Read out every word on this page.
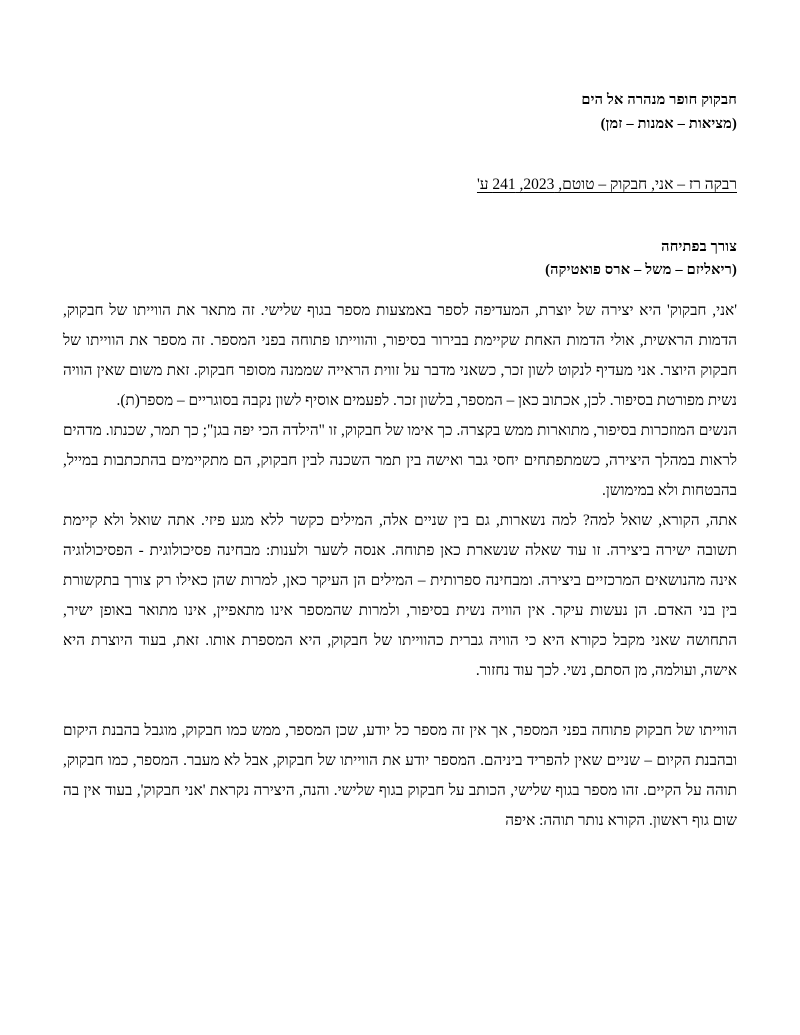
חבקוק חופר מנהרה אל הים
(מציאות – אמנות – זמן)
רבקה רז – אני, חבקוק – טוטם, 2023, 241 ע'
צורך בפתיחה
(ריאליזם – משל – ארס פואטיקה)

'אני, חבקוק' היא יצירה של יוצרת, המעדיפה לספר באמצעות מספר בגוף שלישי. זה מתאר את הווייתו של חבקוק, הדמות הראשית, אולי הדמות האחת שקיימת בבירור בסיפור, והווייתו פתוחה בפני המספר. זה מספר את הווייתו של חבקוק היוצר. אני מעדיף לנקוט לשון זכר, כשאני מדבר על זווית הראייה שממנה מסופר חבקוק. זאת משום שאין הוויה נשית מפורטת בסיפור. לכן, אכתוב כאן – המספר, בלשון זכר. לפעמים אוסיף לשון נקבה בסוגריים – מספר(ת).

הנשים המוזכרות בסיפור, מתוארות ממש בקצרה. כך אימו של חבקוק, זו "הילדה הכי יפה בגן"; כך תמר, שכנתו. מדהים לראות במהלך היצירה, כשמתפתחים יחסי גבר ואישה בין תמר השכנה לבין חבקוק, הם מתקיימים בהתכתבות במייל, בהבטחות ולא במימושן.

אתה, הקורא, שואל למה? למה נשארות, גם בין שניים אלה, המילים כקשר ללא מגע פיזי. אתה שואל ולא קיימת תשובה ישירה ביצירה. זו עוד שאלה שנשארת כאן פתוחה. אנסה לשער ולענות: מבחינה פסיכולוגית - הפסיכולוגיה אינה מהנושאים המרכזיים ביצירה. ומבחינה ספרותית – המילים הן העיקר כאן, למרות שהן כאילו רק צורך בתקשורת בין בני האדם. הן נעשות עיקר. אין הוויה נשית בסיפור, ולמרות שהמספר אינו מתאפיין, אינו מתואר באופן ישיר, התחושה שאני מקבל כקורא היא כי הוויה גברית כהווייתו של חבקוק, היא המספרת אותו. זאת, בעוד היוצרת היא אישה, ועולמה, מן הסתם, נשי. לכך עוד נחזור.

הווייתו של חבקוק פתוחה בפני המספר, אך אין זה מספר כל יודע, שכן המספר, ממש כמו חבקוק, מוגבל בהבנת היקום ובהבנת הקיום – שניים שאין להפריד ביניהם. המספר יודע את הווייתו של חבקוק, אבל לא מעבר. המספר, כמו חבקוק, תוהה על הקיים. זהו מספר בגוף שלישי, הכותב על חבקוק בגוף שלישי. והנה, היצירה נקראת 'אני חבקוק', בעוד אין בה שום גוף ראשון. הקורא נותר תוהה: איפה
